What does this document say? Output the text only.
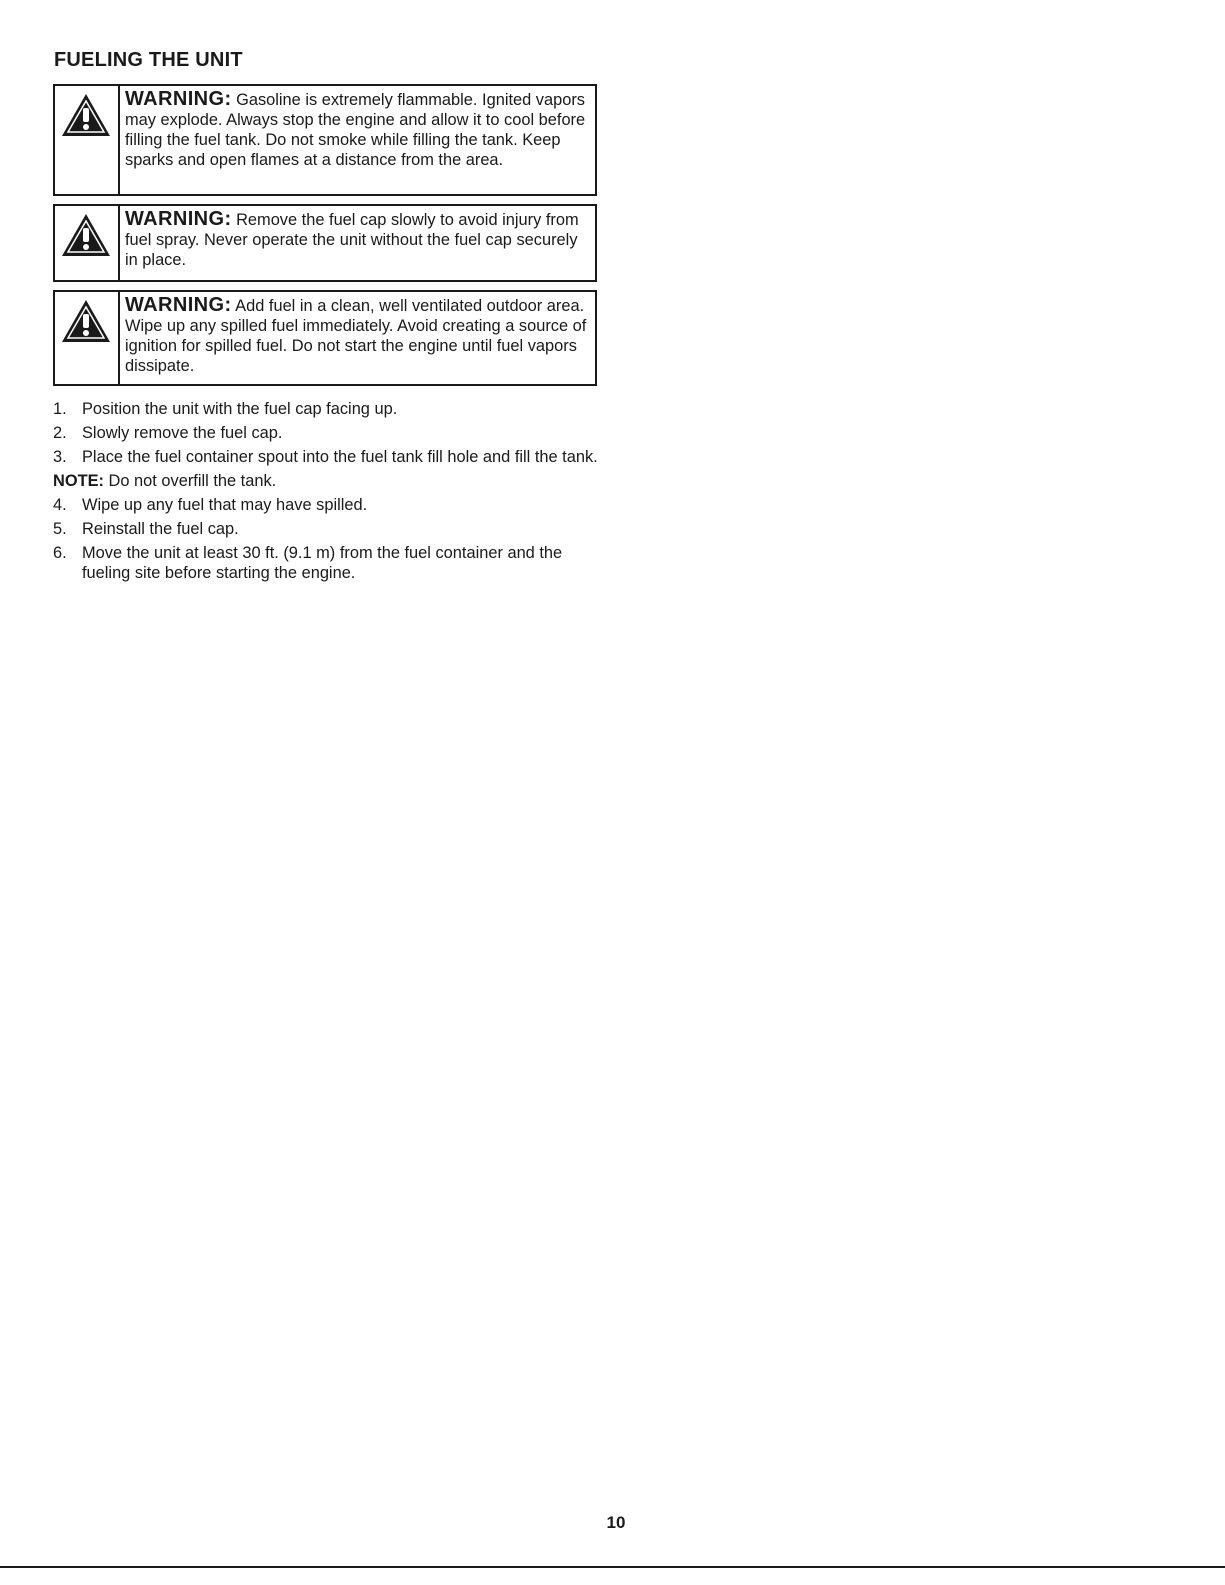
FUELING THE UNIT
WARNING: Gasoline is extremely flammable. Ignited vapors may explode. Always stop the engine and allow it to cool before filling the fuel tank. Do not smoke while filling the tank. Keep sparks and open flames at a distance from the area.
WARNING: Remove the fuel cap slowly to avoid injury from fuel spray. Never operate the unit without the fuel cap securely in place.
WARNING: Add fuel in a clean, well ventilated outdoor area. Wipe up any spilled fuel immediately. Avoid creating a source of ignition for spilled fuel. Do not start the engine until fuel vapors dissipate.
1. Position the unit with the fuel cap facing up.
2. Slowly remove the fuel cap.
3. Place the fuel container spout into the fuel tank fill hole and fill the tank.
NOTE: Do not overfill the tank.
4. Wipe up any fuel that may have spilled.
5. Reinstall the fuel cap.
6. Move the unit at least 30 ft. (9.1 m) from the fuel container and the fueling site before starting the engine.
10
